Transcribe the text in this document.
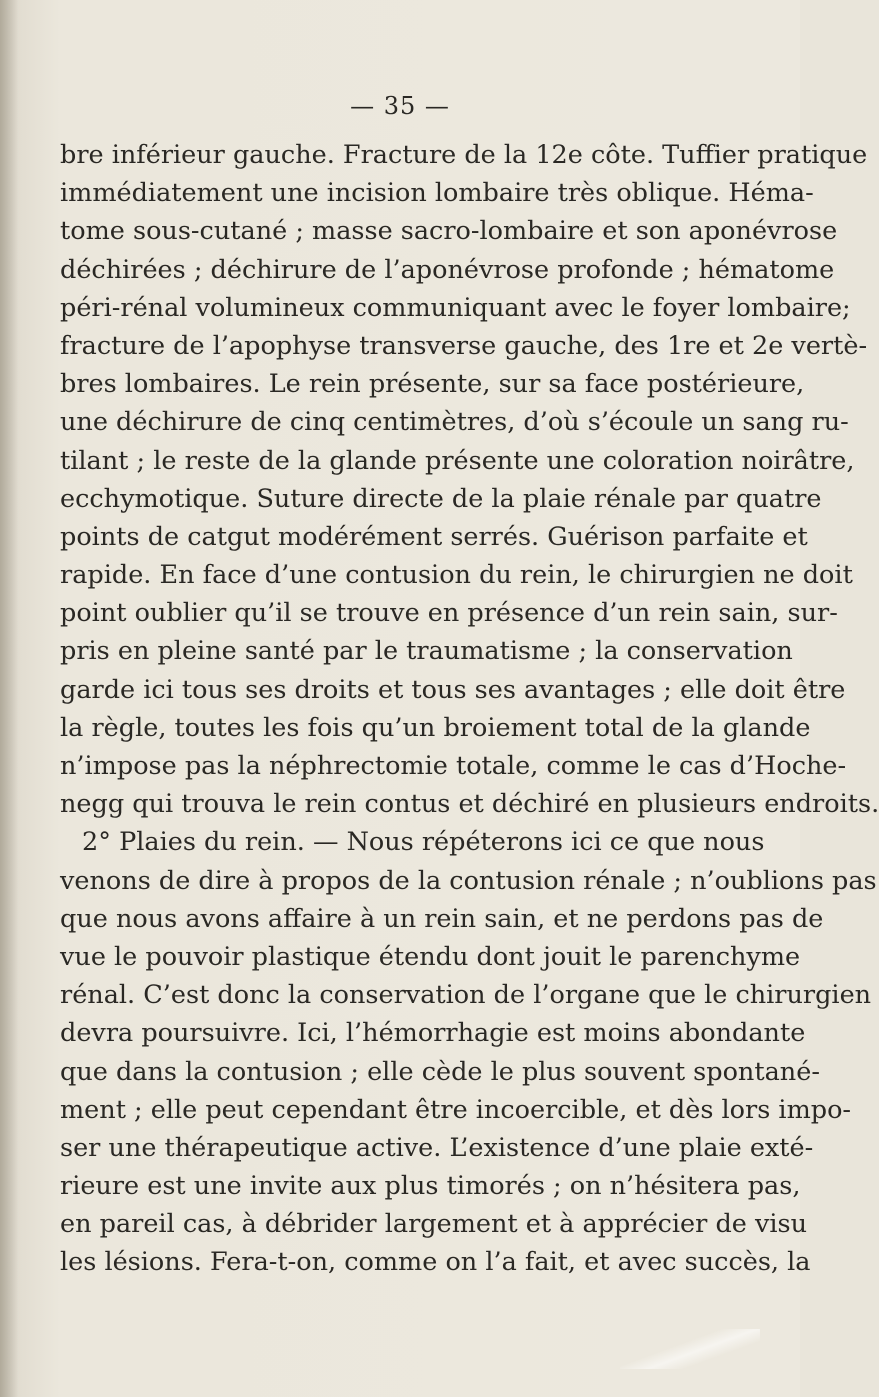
— 35 —
bre inférieur gauche. Fracture de la 12e côte. Tuffier pratique
immédiatement une incision lombaire très oblique. Héma-
tome sous-cutané ; masse sacro-lombaire et son aponévrose
déchirées ; déchirure de l’aponévrose profonde ; hématome
péri-rénal volumineux communiquant avec le foyer lombaire;
fracture de l’apophyse transverse gauche, des 1re et 2e vertè-
bres lombaires. Le rein présente, sur sa face postérieure,
une déchirure de cinq centimètres, d’où s’écoule un sang ru-
tilant ; le reste de la glande présente une coloration noirâtre,
ecchymotique. Suture directe de la plaie rénale par quatre
points de catgut modérément serrés. Guérison parfaite et
rapide. En face d’une contusion du rein, le chirurgien ne doit
point oublier qu’il se trouve en présence d’un rein sain, sur-
pris en pleine santé par le traumatisme ; la conservation
garde ici tous ses droits et tous ses avantages ; elle doit être
la règle, toutes les fois qu’un broiement total de la glande
n’impose pas la néphrectomie totale, comme le cas d’Hoche-
negg qui trouva le rein contus et déchiré en plusieurs endroits.
2° Plaies du rein. — Nous répéterons ici ce que nous
venons de dire à propos de la contusion rénale ; n’oublions pas
que nous avons affaire à un rein sain, et ne perdons pas de
vue le pouvoir plastique étendu dont jouit le parenchyme
rénal. C’est donc la conservation de l’organe que le chirurgien
devra poursuivre. Ici, l’hémorrhagie est moins abondante
que dans la contusion ; elle cède le plus souvent spontané-
ment ; elle peut cependant être incoercible, et dès lors impo-
ser une thérapeutique active. L’existence d’une plaie exté-
rieure est une invite aux plus timorés ; on n’hésitera pas,
en pareil cas, à débrider largement et à apprécier de visu
les lésions. Fera-t-on, comme on l’a fait, et avec succès, la
